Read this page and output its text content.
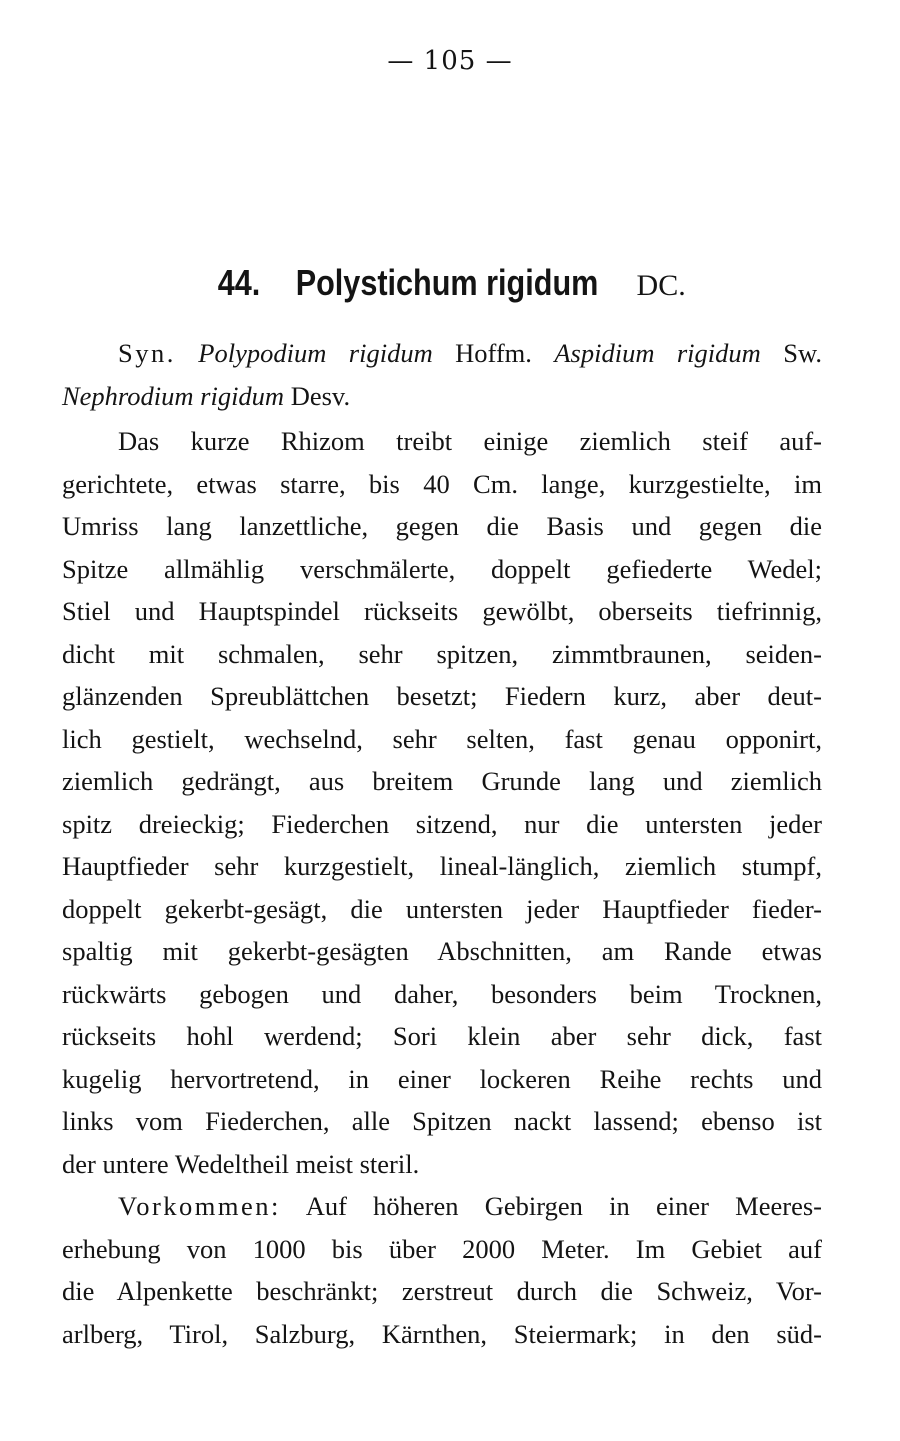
— 105 —
44. Polystichum rigidum DC.
Syn. Polypodium rigidum Hoffm. Aspidium rigidum Sw.
Nephrodium rigidum Desv.
Das kurze Rhizom treibt einige ziemlich steif auf-
gerichtete, etwas starre, bis 40 Cm. lange, kurzgestielte, im
Umriss lang lanzettliche, gegen die Basis und gegen die
Spitze allmählig verschmälerte, doppelt gefiederte Wedel;
Stiel und Hauptspindel rückseits gewölbt, oberseits tiefrinnig,
dicht mit schmalen, sehr spitzen, zimmtbraunen, seiden-
glänzenden Spreublättchen besetzt; Fiedern kurz, aber deut-
lich gestielt, wechselnd, sehr selten, fast genau opponirt,
ziemlich gedrängt, aus breitem Grunde lang und ziemlich
spitz dreieckig; Fiederchen sitzend, nur die untersten jeder
Hauptfieder sehr kurzgestielt, lineal-länglich, ziemlich stumpf,
doppelt gekerbt-gesägt, die untersten jeder Hauptfieder fieder-
spaltig mit gekerbt-gesägten Abschnitten, am Rande etwas
rückwärts gebogen und daher, besonders beim Trocknen,
rückseits hohl werdend; Sori klein aber sehr dick, fast
kugelig hervortretend, in einer lockeren Reihe rechts und
links vom Fiederchen, alle Spitzen nackt lassend; ebenso ist
der untere Wedeltheil meist steril.
Vorkommen: Auf höheren Gebirgen in einer Meeres-
erhebung von 1000 bis über 2000 Meter. Im Gebiet auf
die Alpenkette beschränkt; zerstreut durch die Schweiz, Vor-
arlberg, Tirol, Salzburg, Kärnthen, Steiermark; in den süd-
